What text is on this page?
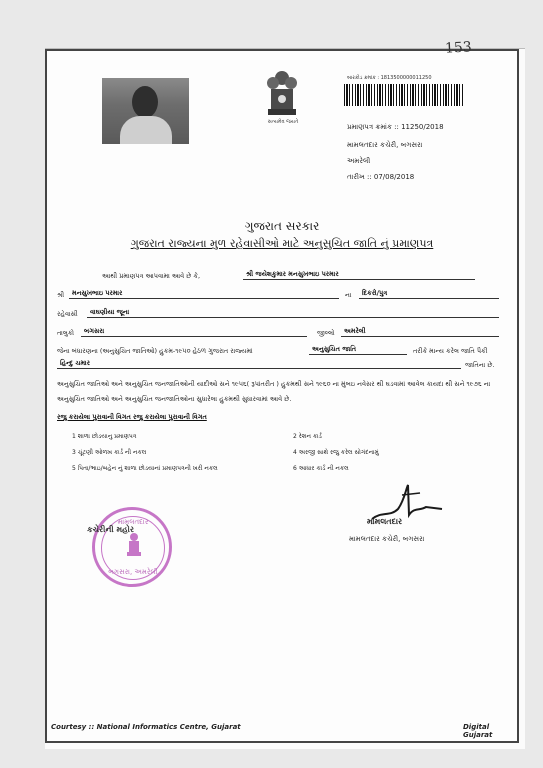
સત્યમેવ જયતે
બારકોડ ક્રમાંક : 1813500000011250
પ્રમાણપત્ર ક્રમાંક :: 11250/2018
મામલતદાર કચેરી, બગસરા
અમરેલી
તારીખ :: 07/08/2018
ગુજરાત સરકાર
ગુજરાત રાજ્યના મુળ રહેવાસીઓ માટે અનુસુચિત જાતિ નું પ્રમાણપત્ર
આથી પ્રમાણપત્ર આપવામા આવે છે કે,	શ્રી જયેશકુમાર મનસુખભાઇ પરમાર
શ્રી	મનસુખભાઇ પરમાર	ના	દિકરો/પુત્ર
રહેવાસી	વાઘણીયા જૂના
તાલુકો	બગસરા	જીલ્લો	અમરેલી
જેના બંધારણના (અનુસુચિત જાતિઓ) હુકમ-૧૯૫૦ હેઠળ ગુજરાત રાજ્યમાં	અનુસુચિત જાતિ	તરીકે માન્ય કરેલ જાતિ પૈકી
હિન્દુ ચમાર	જાતિના છે.
અનુસુચિત જાતિઓ અને અનુસુચિત જનજાતિઓની યાદીઓ સને ૧૯૫૬( રૂપાંતરીત ) હુકમથી સને ૧૯૬૦ ના મુંબઇ નવેસર થી ઘડવામાં આવેલ કાયદા થી સને ૧૯૭૬ ના અનુસુચિત જાતિઓ અને અનુસુચિત જનજાતિઓના સુધારેલા હુકમથી સુધારવામાં આવે છે.
રજુ કરાયેલા પુરાવાની વિગત રજુ કરાયેલા પુરાવાની વિગત
1 શાળા છોડયાનુ પ્રમાણપત્ર	2 રેશન કાર્ડ
3 ચૂંટણી ઓળખ કાર્ડ ની નકલ	4 અરજી સાથે રજુ કરેલ સોગંદનામું
5 પિતા/ભાઇ/બહેન નું શાળા છોડયાનાં પ્રમાણપત્રની ખરી નકલ	6 આધાર કાર્ડ ની નકલ
મામલતદાર
બગસરા, અમરેલી
કચેરીની મહોર
મામલતદાર
મામલતદાર કચેરી, બગસરા
Courtesy :: National Informatics Centre, Gujarat	Digital Gujarat
153
